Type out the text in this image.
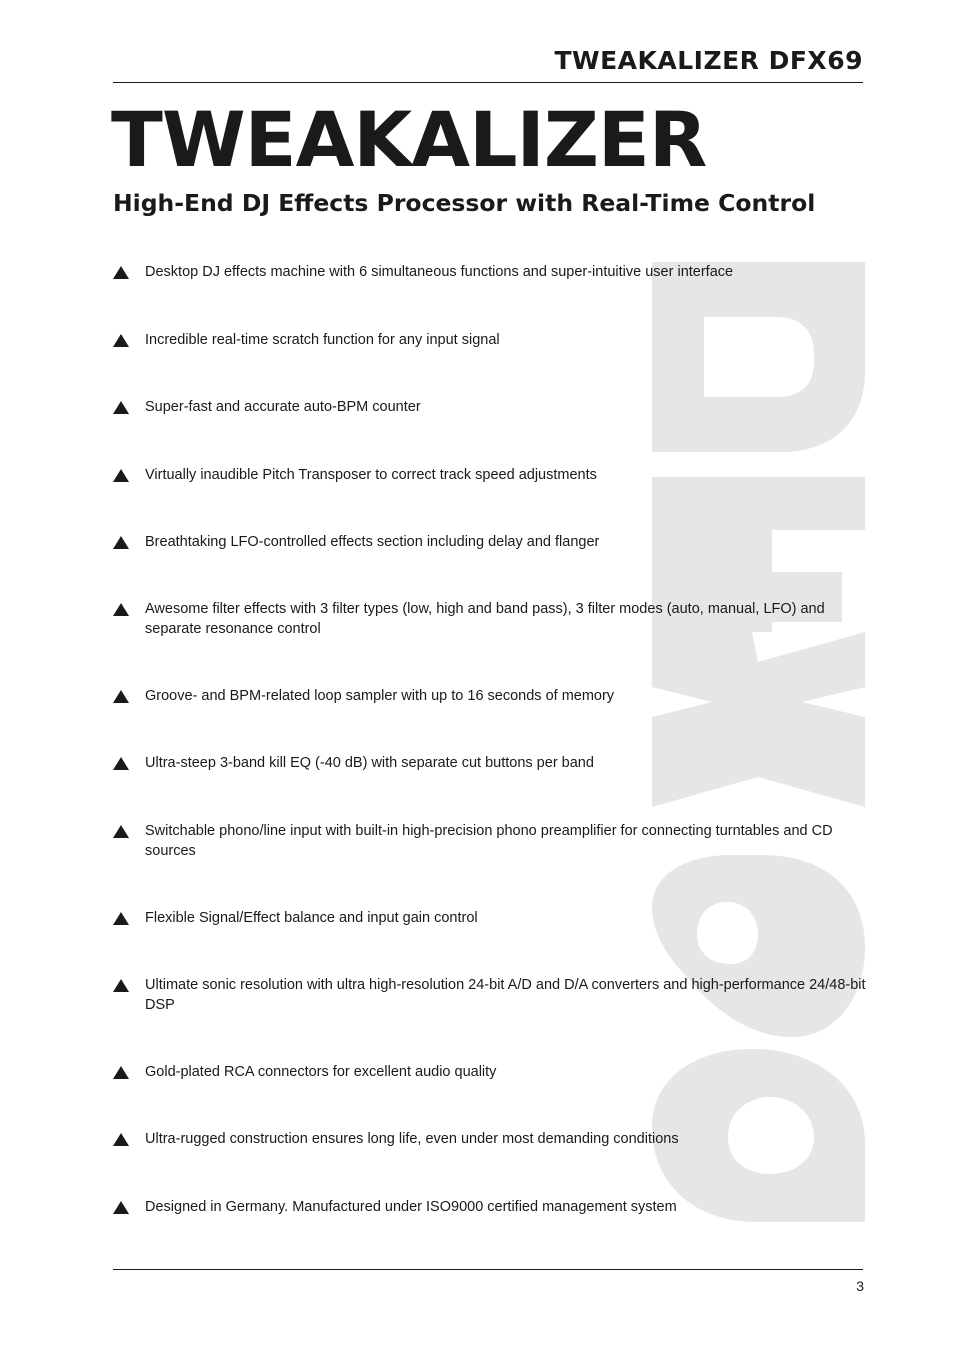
TWEAKALIZER DFX69
TWEAKALIZER
High-End DJ Effects Processor with Real-Time Control
Desktop DJ effects machine with 6 simultaneous functions and super-intuitive user interface
Incredible real-time scratch function for any input signal
Super-fast and accurate auto-BPM counter
Virtually inaudible Pitch Transposer to correct track speed adjustments
Breathtaking LFO-controlled effects section including delay and flanger
Awesome filter effects with 3 filter types (low, high and band pass), 3 filter modes (auto, manual, LFO) and separate resonance control
Groove- and BPM-related loop sampler with up to 16 seconds of memory
Ultra-steep 3-band kill EQ (-40 dB) with separate cut buttons per band
Switchable phono/line input with built-in high-precision phono preamplifier for connecting turntables and CD sources
Flexible Signal/Effect balance and input gain control
Ultimate sonic resolution with ultra high-resolution 24-bit A/D and D/A converters and high-performance 24/48-bit DSP
Gold-plated RCA connectors for excellent audio quality
Ultra-rugged construction ensures long life, even under most demanding conditions
Designed in Germany. Manufactured under ISO9000 certified management system
3
